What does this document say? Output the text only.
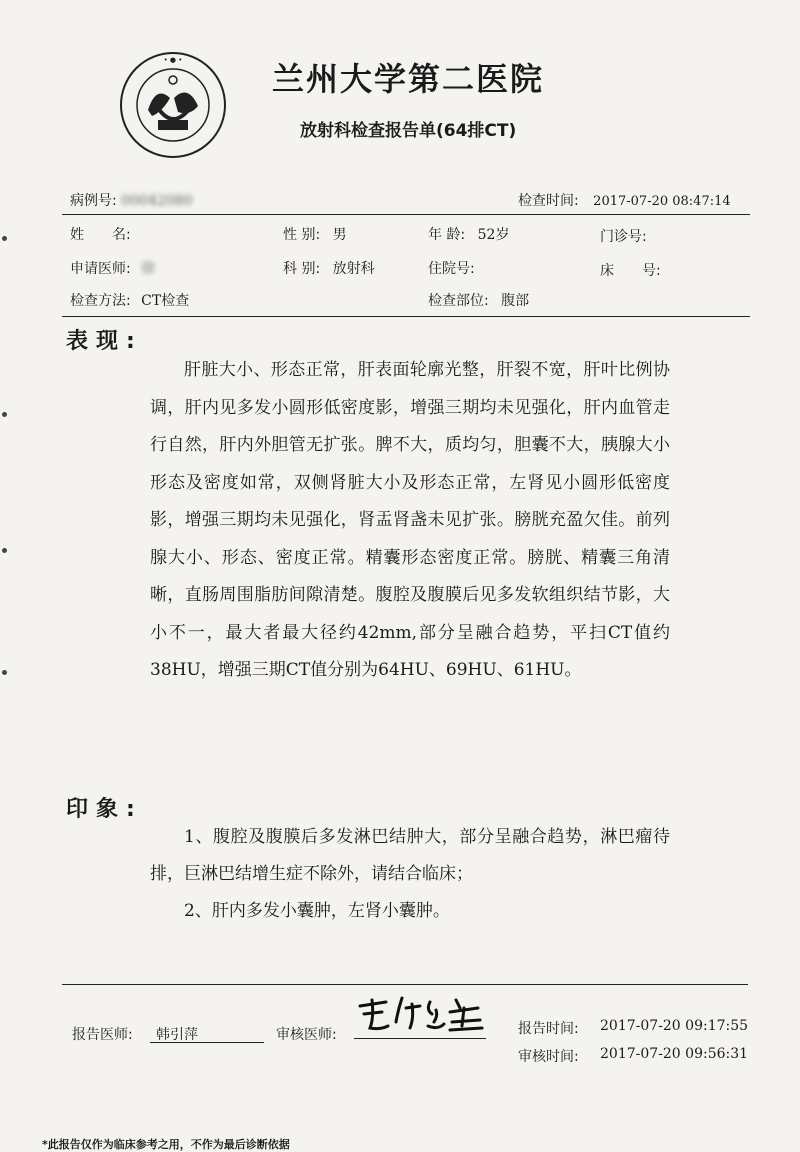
• ● •	兰州大学第二医院
放射科检查报告单(64排CT)
病例号: 00042080	检查时间: 2017-07-20 08:47:14
姓　　名:	性 别: 男	年 龄: 52岁	门诊号:
申请医师: 徐	科 别: 放射科	住院号:	床　　号:
检查方法: CT检查	检查部位: 腹部
表现:
肝脏大小、形态正常，肝表面轮廓光整，肝裂不宽，肝叶比例协调，肝内见多发小圆形低密度影，增强三期均未见强化，肝内血管走行自然，肝内外胆管无扩张。脾不大，质均匀，胆囊不大，胰腺大小形态及密度如常，双侧肾脏大小及形态正常，左肾见小圆形低密度影，增强三期均未见强化，肾盂肾盏未见扩张。膀胱充盈欠佳。前列腺大小、形态、密度正常。精囊形态密度正常。膀胱、精囊三角清晰，直肠周围脂肪间隙清楚。腹腔及腹膜后见多发软组织结节影，大小不一，最大者最大径约42mm,部分呈融合趋势，平扫CT值约38HU，增强三期CT值分别为64HU、69HU、61HU。
印象:

1、腹腔及腹膜后多发淋巴结肿大，部分呈融合趋势，淋巴瘤待排，巨淋巴结增生症不除外，请结合临床；

2、肝内多发小囊肿，左肾小囊肿。

报告医师: 韩引萍	审核医师:	报告时间: 2017-07-20 09:17:55
审核时间: 2017-07-20 09:56:31
*此报告仅作为临床参考之用，不作为最后诊断依据
